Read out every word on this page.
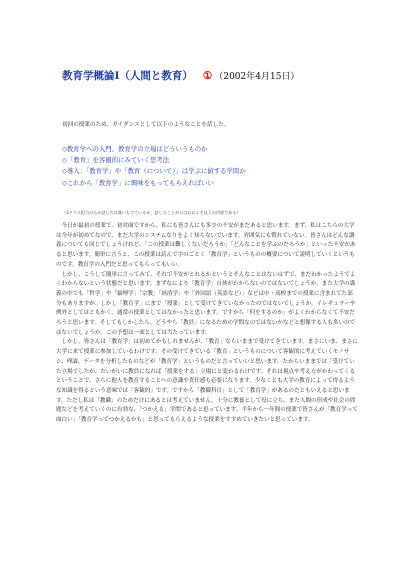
教育学概論Ⅰ（人間と教育） ① （2002年4月15日）
初回の授業のため、ガイダンスとして以下のようなことを話した。
◇教育学への入門、教育学の立場はどういうものか
◇「教育」を客観的にみていく思考法
◇導入：「教育学」や「教育（について）」は学ぶに値する学問か
◇これから「教育学」に興味をもってもらえればいい
（3クラス担当のため話し方は違いもでているが、話したことがらはおおよそ以下の内容である）

　今日が最初の授業で、初対面ですから、私にも皆さんにも多少の不安がまだあると思います。まず、私はこちらの大学は今年が初めてなので、まだ大学のシステムなりをよく知らないでいます。雰囲気にも慣れていない。皆さんはどんな講義についても同じでしょうけれど、「この授業は難しくないだろうか」「どんなことを学ぶのだろうか」といった不安があると思います。簡単に言うと、この授業は読んで字のごとく「教育学」というものの概要について説明していくというものです。教育学の入門だと思ってもらってもいい。

　しかし、こうして簡単に言ってみて、それで不安がとれるかというとそんなことはないはずで、まだわかったようでよくわからないという状態だと思います。まずなにより「教育学」自体がわからないのではないでしょうか。また大学の講義の中でも「哲学」や「倫理学」「宗教」「経済学」や「外国語（英語など）」などは中・高校までの授業に含まれてた部分もありますが、しかし「教育学」にまで「授業」として受けてきていなかったのではないでしょうか。イレギュラーや例外としてはともかく、通常の授業としてはなかったと思います。ですから「何をするのか」がよくわからなくて不安だろうと思います。そしてもしかしたら、どうやら「教員」になるための学問なのではないかなどと想像する人も多いのではないでしょうか。この予想は一面としては当たっています。

　しかし、皆さんは「教育学」は初めてかもしれませんが、「教育」ならいままで受けてきています。まさにいま、まさに大学に来て授業に参加しているわけです。その受けてきている「教育」というものについて客観的に考えていくモノサシ、理論、データを分析したものなどが「教育学」というものだと言っていいと思います。たからいままでは「受けていた立場でしたが、たいがいに教員になれば「授業をする」立場にと変わるわけです。それは視点や考え方がかわってくるということで、さらに他人を教育することへの意識や責任感も必要になります。少なくとも大学の教育によって得るような知識を得るという意味では「客観的」です。ですから「教職科目」として「教育学」があるのだともいえると思います。ただし私は「教職」のためだけにあるとは考えていません。十分に教養として役に立ち、また人間の形成や社会の問題などを考えていくのに有効な、「つかえる」学問であると思っています。半年から一年間の授業で皆さんが「教育学って面白い」「教育学ってつかえるかも」と思ってもらえるような授業をすすめていきたいと思っています。
